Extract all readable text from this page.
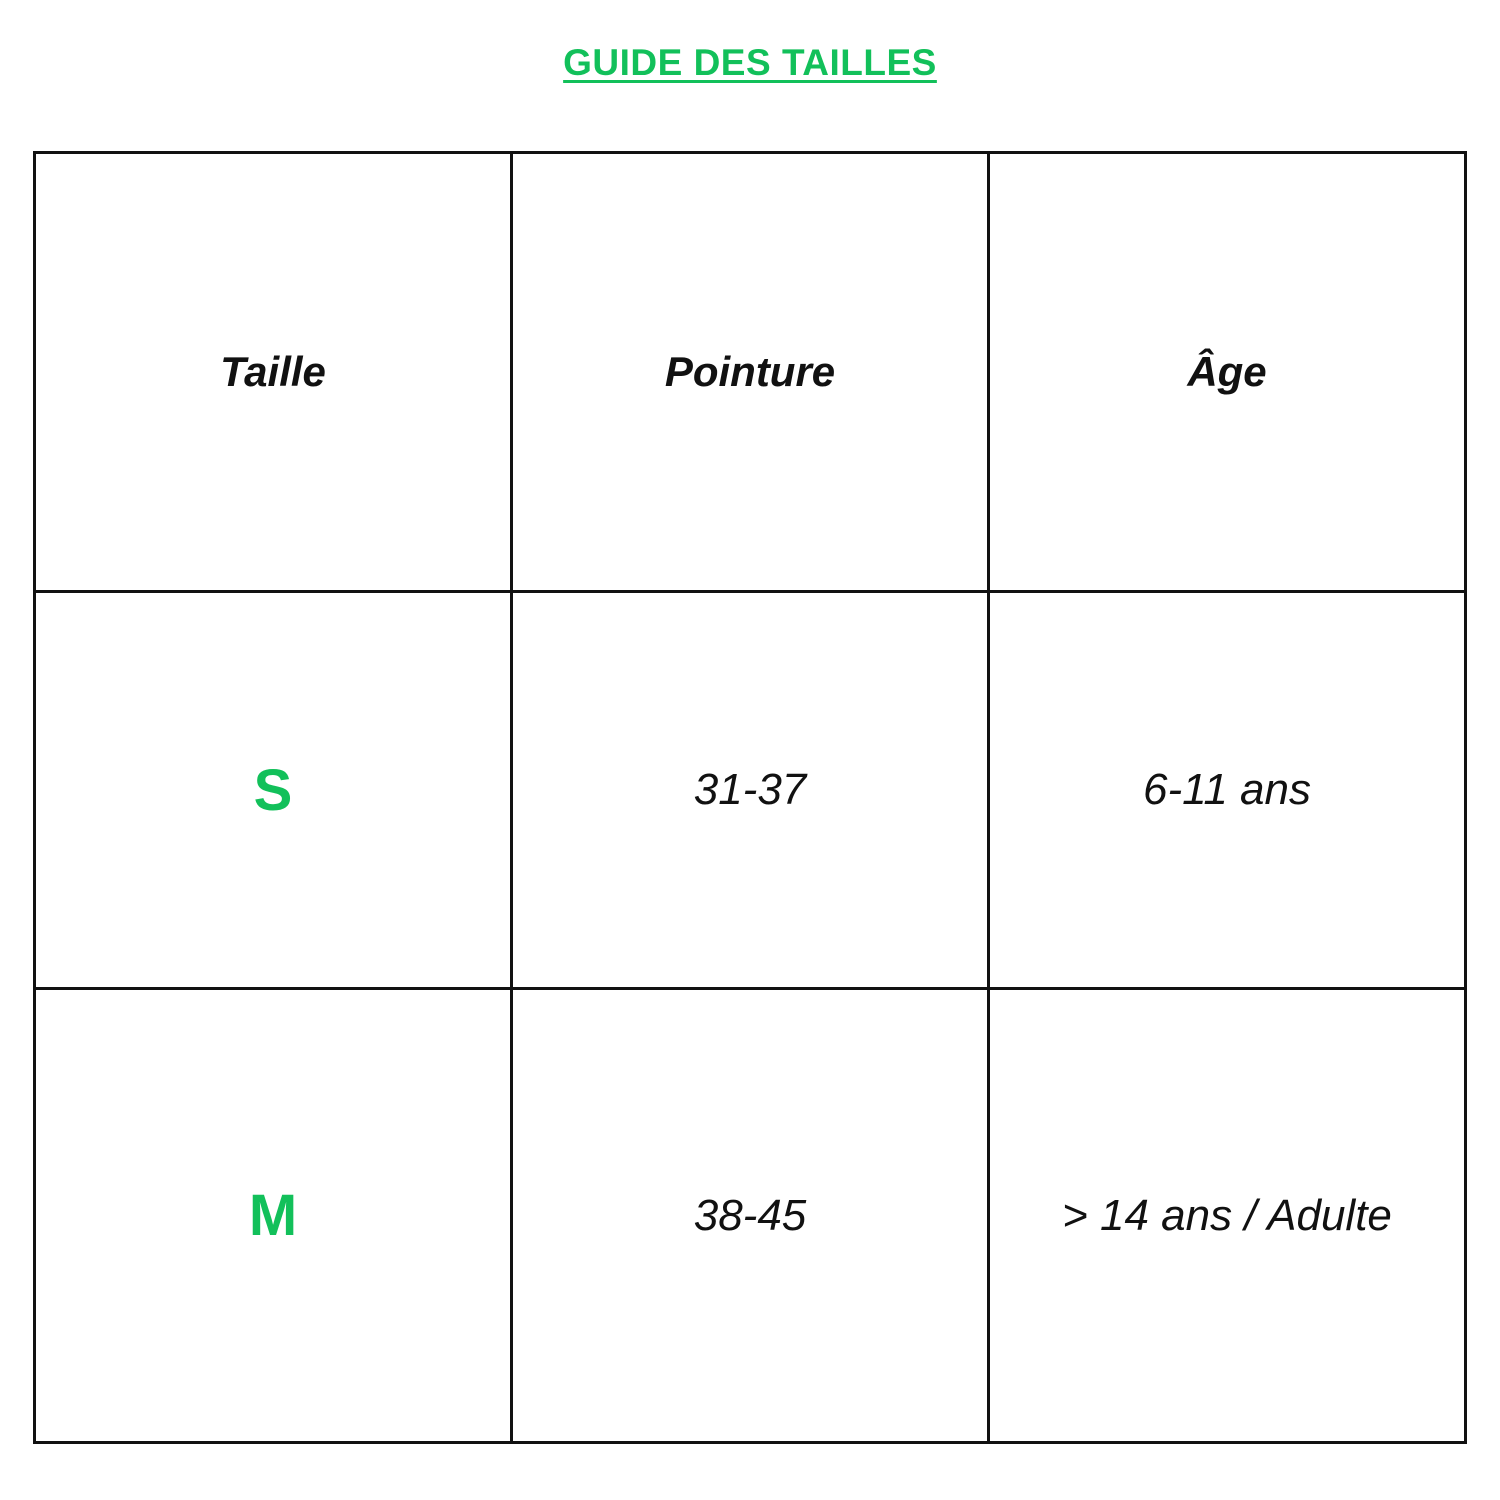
GUIDE DES TAILLES
Taille	Pointure	Âge
S	31-37	6-11 ans
M	38-45	> 14 ans / Adulte
